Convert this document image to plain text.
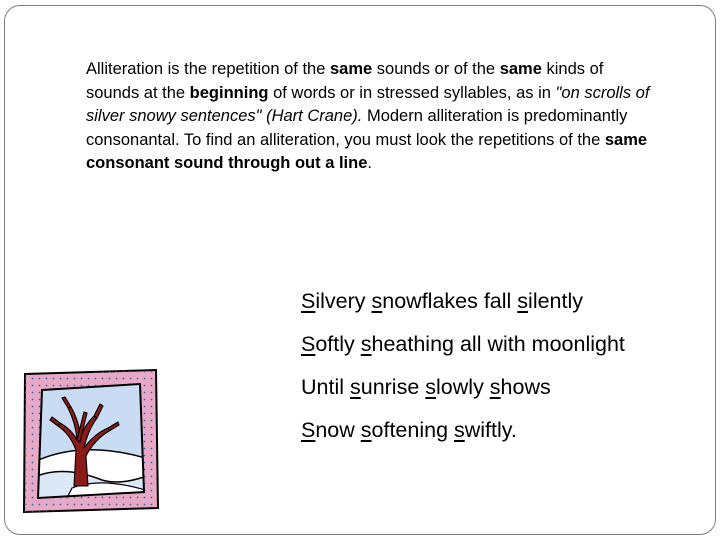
Alliteration is the repetition of the same sounds or of the same kinds of sounds at the beginning of words or in stressed syllables, as in "on scrolls of silver snowy sentences" (Hart Crane). Modern alliteration is predominantly consonantal. To find an alliteration, you must look the repetitions of the same consonant sound through out a line.

Silvery snowflakes fall silently
Softly sheathing all with moonlight
Until sunrise slowly shows
Snow softening swiftly.
